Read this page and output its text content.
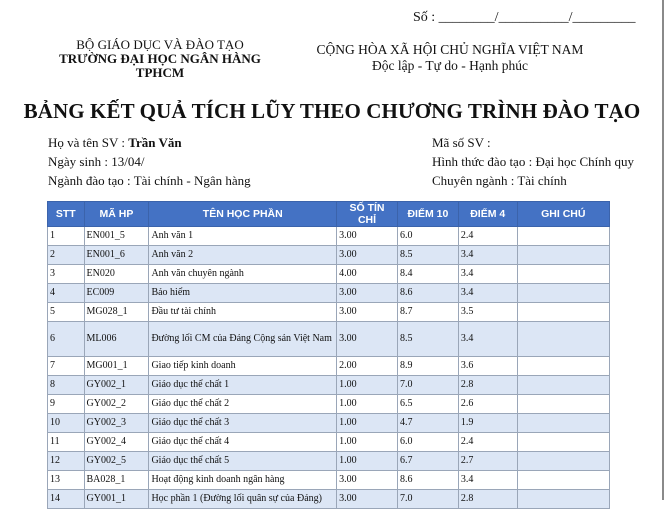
Số : ________/__________/_________
BỘ GIÁO DỤC VÀ ĐÀO TẠO
TRƯỜNG ĐẠI HỌC NGÂN HÀNG
TPHCM
CỘNG HÒA XÃ HỘI CHỦ NGHĨA VIỆT NAM
Độc lập - Tự do - Hạnh phúc
BẢNG KẾT QUẢ TÍCH LŨY THEO CHƯƠNG TRÌNH ĐÀO TẠO
Họ và tên SV : Trần Văn
Ngày sinh : 13/04/
Ngành đào tạo : Tài chính - Ngân hàng
Mã số SV :
Hình thức đào tạo : Đại học Chính quy
Chuyên ngành : Tài chính
STT	MÃ HP	TÊN HỌC PHẦN	SỐ TÍN CHỈ	ĐIỂM 10	ĐIỂM 4	GHI CHÚ
1	EN001_5	Anh văn 1	3.00	6.0	2.4	
2	EN001_6	Anh văn 2	3.00	8.5	3.4	
3	EN020	Anh văn chuyên ngành	4.00	8.4	3.4	
4	EC009	Bảo hiểm	3.00	8.6	3.4	
5	MG028_1	Đầu tư tài chính	3.00	8.7	3.5	
6	ML006	Đường lối CM của Đảng Cộng sản Việt Nam	3.00	8.5	3.4	
7	MG001_1	Giao tiếp kinh doanh	2.00	8.9	3.6	
8	GY002_1	Giáo dục thể chất 1	1.00	7.0	2.8	
9	GY002_2	Giáo dục thể chất 2	1.00	6.5	2.6	
10	GY002_3	Giáo dục thể chất 3	1.00	4.7	1.9	
11	GY002_4	Giáo dục thể chất 4	1.00	6.0	2.4	
12	GY002_5	Giáo dục thể chất 5	1.00	6.7	2.7	
13	BA028_1	Hoạt động kinh doanh ngân hàng	3.00	8.6	3.4	
14	GY001_1	Học phần 1 (Đường lối quân sự của Đảng)	3.00	7.0	2.8	
